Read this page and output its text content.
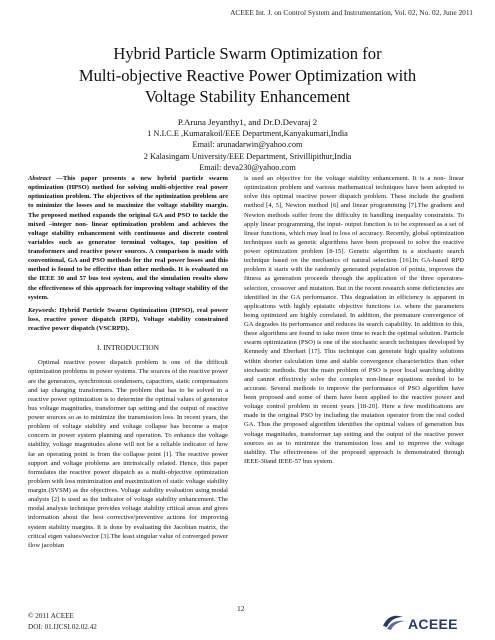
ACEEE Int. J. on Control System and Instrumentation, Vol. 02, No. 02, June 2011
Hybrid Particle Swarm Optimization for
Multi-objective Reactive Power Optimization with
Voltage Stability Enhancement
P.Aruna Jeyanthy1, and Dr.D.Devaraj 2
1 N.I.C.E ,Kumarakoil/EEE Department,Kanyakumari,India
Email: arunadarwin@yahoo.com
2 Kalasingam University/EEE Department, Srivillipithur,India
Email: deva230@yahoo.com

Abstract —This paper presents a new hybrid particle swarm optimization (HPSO) method for solving multi-objective real power optimization problem. The objectives of the optimization problem are to minimize the losses and to maximize the voltage stability margin. The proposed method expands the original GA and PSO to tackle the mixed –integer non- linear optimization problem and achieves the voltage stability enhancement with continuous and discrete control variables such as generator terminal voltages, tap position of transformers and reactive power sources. A comparison is made with conventional, GA and PSO methods for the real power losses and this method is found to be effective than other methods. It is evaluated on the IEEE 30 and 57 bus test system, and the simulation results show the effectiveness of this approach for improving voltage stability of the system.

Keywords: Hybrid Particle Swarm Optimization (HPSO), real power loss, reactive power dispatch (RPD), Voltage stability constrained reactive power dispatch (VSCRPD).

I. INTRODUCTION

Optimal reactive power dispatch problem is one of the difficult optimization problems in power systems. The sources of the reactive power are the generators, synchronous condensers, capacitors, static compensators and tap changing transformers. The problem that has to be solved in a reactive power optimization is to determine the optimal values of generator bus voltage magnitudes, transformer tap setting and the output of reactive power sources so as to minimize the transmission loss. In recent years, the problem of voltage stability and voltage collapse has become a major concern in power system planning and operation. To enhance the voltage stability, voltage magnitudes alone will not be a reliable indicator of how far an operating point is from the collapse point [1]. The reactive power support and voltage problems are intrinsically related. Hence, this paper formulates the reactive power dispatch as a multi-objective optimization problem with loss minimization and maximization of static voltage stability margin (SVSM) as the objectives. Voltage stability evaluation using modal analysis [2] is used as the indicator of voltage stability enhancement. The modal analysis technique provides voltage stability critical areas and gives information about the best corrective/preventive actions for improving system stability margins. It is done by evaluating the Jacobian matrix, the critical eigen values/vector [3].The least singular value of converged power flow jacobian

is used an objective for the voltage stability enhancement. It is a non- linear optimization problem and various mathematical techniques have been adopted to solve this optimal reactive power dispatch problem. These include the gradient method [4, 5], Newton method [6] and linear programming [7].The gradient and Newton methods suffer from the difficulty in handling inequality constraints. To apply linear programming, the input- output function is to be expressed as a set of linear functions, which may lead to loss of accuracy. Recently, global optimization techniques such as genetic algorithms have been proposed to solve the reactive power optimization problem [8-15]. Genetic algorithm is a stochastic search technique based on the mechanics of natural selection [16].In GA-based RPD problem it starts with the randomly generated population of points, improves the fitness as generation proceeds through the application of the three operators-selection, crossover and mutation. But in the recent research some deficiencies are identified in the GA performance. This degradation in efficiency is apparent in applications with highly epistatic objective functions i.e. where the parameters being optimized are highly correlated. In addition, the premature convergence of GA degrades its performance and reduces its search capability. In addition to this, these algorithms are found to take more time to reach the optimal solution. Particle swarm optimization (PSO) is one of the stochastic search techniques developed by Kennedy and Eberhart [17]. This technique can generate high quality solutions within shorter calculation time and stable convergence characteristics than other stochastic methods. But the main problem of PSO is poor local searching ability and cannot effectively solve the complex non-linear equations needed to be accurate. Several methods to improve the performance of PSO algorithm have been proposed and some of them have been applied to the reactive power and voltage control problem in recent years [18-20]. Here a few modifications are made in the original PSO by including the mutation operator from the real coded GA. Thus the proposed algorithm identifies the optimal values of generation bus voltage magnitudes, transformer tap setting and the output of the reactive power sources so as to minimize the transmission loss and to improve the voltage stability. The effectiveness of the proposed approach is demonstrated through IEEE-30and IEEE-57 bus system.

12
© 2011 ACEEE
DOI: 01.IJCSI.02.02.42	ACEEE
